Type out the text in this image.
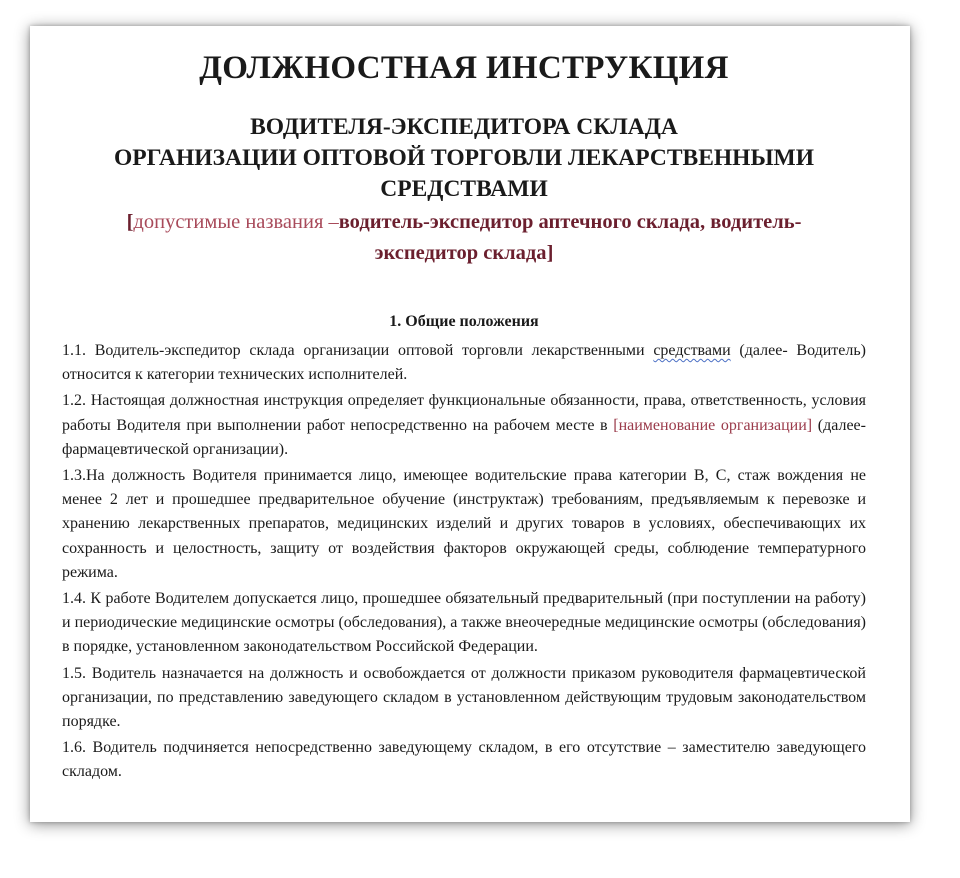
ДОЛЖНОСТНАЯ ИНСТРУКЦИЯ
ВОДИТЕЛЯ-ЭКСПЕДИТОРА СКЛАДА
ОРГАНИЗАЦИИ ОПТОВОЙ ТОРГОВЛИ ЛЕКАРСТВЕННЫМИ СРЕДСТВАМИ
[допустимые названия –водитель-экспедитор аптечного склада, водитель-экспедитор склада]
1. Общие положения

1.1. Водитель-экспедитор склада организации оптовой торговли лекарственными средствами (далее- Водитель) относится к категории технических исполнителей.

1.2. Настоящая должностная инструкция определяет функциональные обязанности, права, ответственность, условия работы Водителя при выполнении работ непосредственно на рабочем месте в [наименование организации] (далее- фармацевтической организации).

1.3.На должность Водителя принимается лицо, имеющее водительские права категории В, С, стаж вождения не менее 2 лет и прошедшее предварительное обучение (инструктаж) требованиям, предъявляемым к перевозке и хранению лекарственных препаратов, медицинских изделий и других товаров в условиях, обеспечивающих их сохранность и целостность, защиту от воздействия факторов окружающей среды, соблюдение температурного режима.

1.4. К работе Водителем допускается лицо, прошедшее обязательный предварительный (при поступлении на работу) и периодические медицинские осмотры (обследования), а также внеочередные медицинские осмотры (обследования) в порядке, установленном законодательством Российской Федерации.

1.5. Водитель назначается на должность и освобождается от должности приказом руководителя фармацевтической организации, по представлению заведующего складом в установленном действующим трудовым законодательством порядке.

1.6. Водитель подчиняется непосредственно заведующему складом, в его отсутствие – заместителю заведующего складом.
